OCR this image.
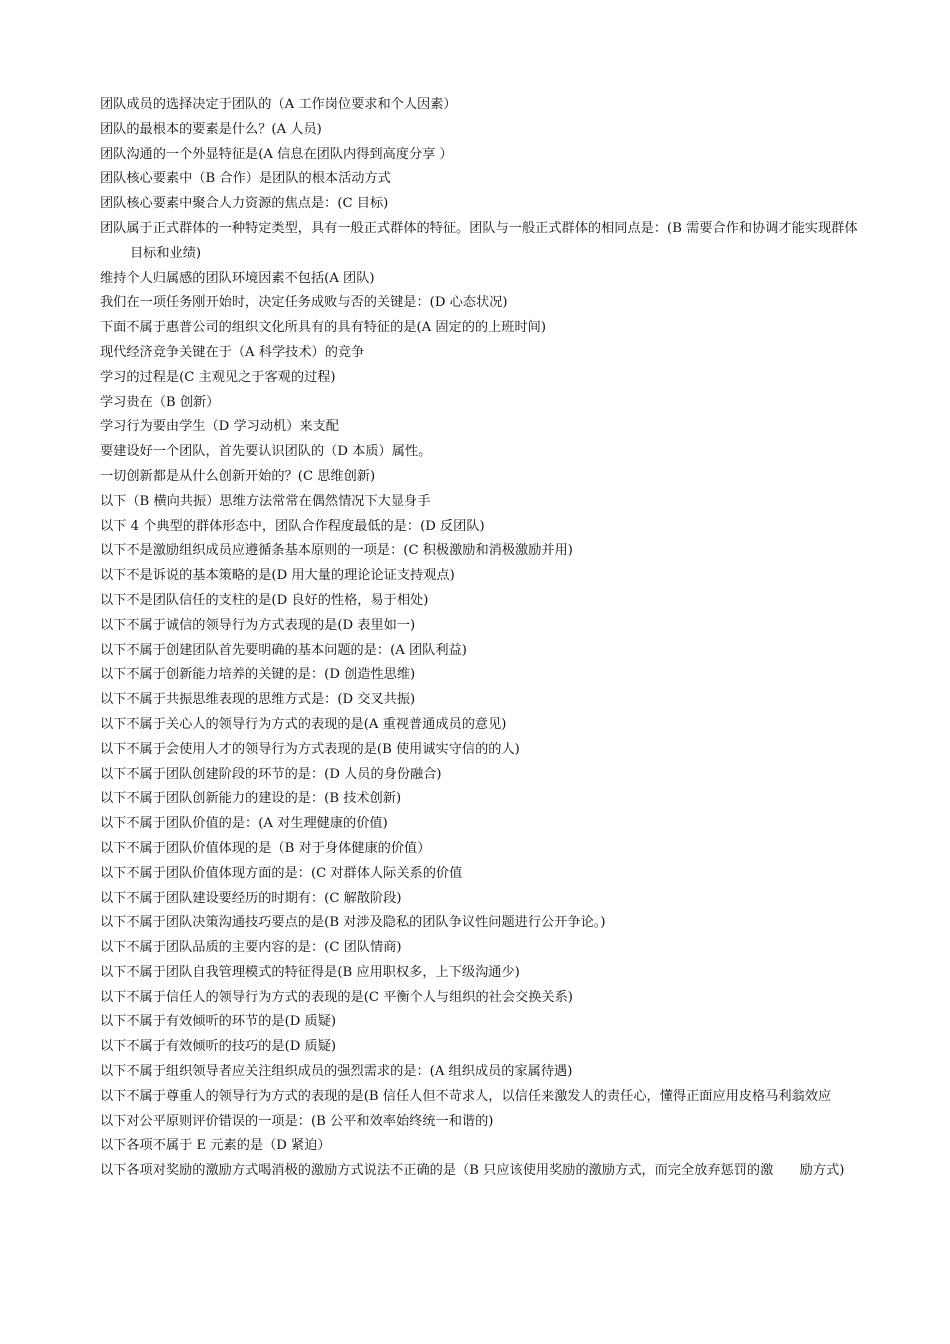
团队成员的选择决定于团队的（A 工作岗位要求和个人因素）
团队的最根本的要素是什么？(A 人员)
团队沟通的一个外显特征是(A 信息在团队内得到高度分享 ）
团队核心要素中（B 合作）是团队的根本活动方式
团队核心要素中聚合人力资源的焦点是：(C 目标)
团队属于正式群体的一种特定类型，具有一般正式群体的特征。团队与一般正式群体的相同点是：(B 需要合作和协调才能实现群体目标和业绩)
维持个人归属感的团队环境因素不包括(A 团队)
我们在一项任务刚开始时，决定任务成败与否的关键是：(D 心态状况)
下面不属于惠普公司的组织文化所具有的具有特征的是(A 固定的的上班时间)
现代经济竞争关键在于（A 科学技术）的竞争
学习的过程是(C 主观见之于客观的过程)
学习贵在（B 创新）
学习行为要由学生（D 学习动机）来支配
要建设好一个团队，首先要认识团队的（D 本质）属性。
一切创新都是从什么创新开始的？(C 思维创新)
以下（B 横向共振）思维方法常常在偶然情况下大显身手
以下 4 个典型的群体形态中，团队合作程度最低的是：(D 反团队)
以下不是激励组织成员应遵循条基本原则的一项是：(C 积极激励和消极激励并用)
以下不是诉说的基本策略的是(D 用大量的理论论证支持观点)
以下不是团队信任的支柱的是(D 良好的性格，易于相处)
以下不属于诚信的领导行为方式表现的是(D 表里如一)
以下不属于创建团队首先要明确的基本问题的是：(A 团队利益)
以下不属于创新能力培养的关键的是：(D 创造性思维)
以下不属于共振思维表现的思维方式是：(D 交叉共振)
以下不属于关心人的领导行为方式的表现的是(A 重视普通成员的意见)
以下不属于会使用人才的领导行为方式表现的是(B 使用诚实守信的的人)
以下不属于团队创建阶段的环节的是：(D 人员的身份融合)
以下不属于团队创新能力的建设的是：(B 技术创新)
以下不属于团队价值的是：(A 对生理健康的价值)
以下不属于团队价值体现的是（B 对于身体健康的价值）
以下不属于团队价值体现方面的是：(C 对群体人际关系的价值
以下不属于团队建设要经历的时期有：(C 解散阶段)
以下不属于团队决策沟通技巧要点的是(B 对涉及隐私的团队争议性问题进行公开争论。)
以下不属于团队品质的主要内容的是：(C 团队情商)
以下不属于团队自我管理模式的特征得是(B 应用职权多，上下级沟通少)
以下不属于信任人的领导行为方式的表现的是(C 平衡个人与组织的社会交换关系)
以下不属于有效倾听的环节的是(D 质疑)
以下不属于有效倾听的技巧的是(D 质疑)
以下不属于组织领导者应关注组织成员的强烈需求的是：(A 组织成员的家属待遇)
以下不属于尊重人的领导行为方式的表现的是(B 信任人但不苛求人，以信任来激发人的责任心，懂得正面应用皮格马利翁效应
以下对公平原则评价错误的一项是：(B 公平和效率始终统一和谐的)
以下各项不属于 E 元素的是（D 紧迫）
以下各项对奖励的激励方式喝消极的激励方式说法不正确的是（B 只应该使用奖励的激励方式，而完全放弃惩罚的激　　励方式)
